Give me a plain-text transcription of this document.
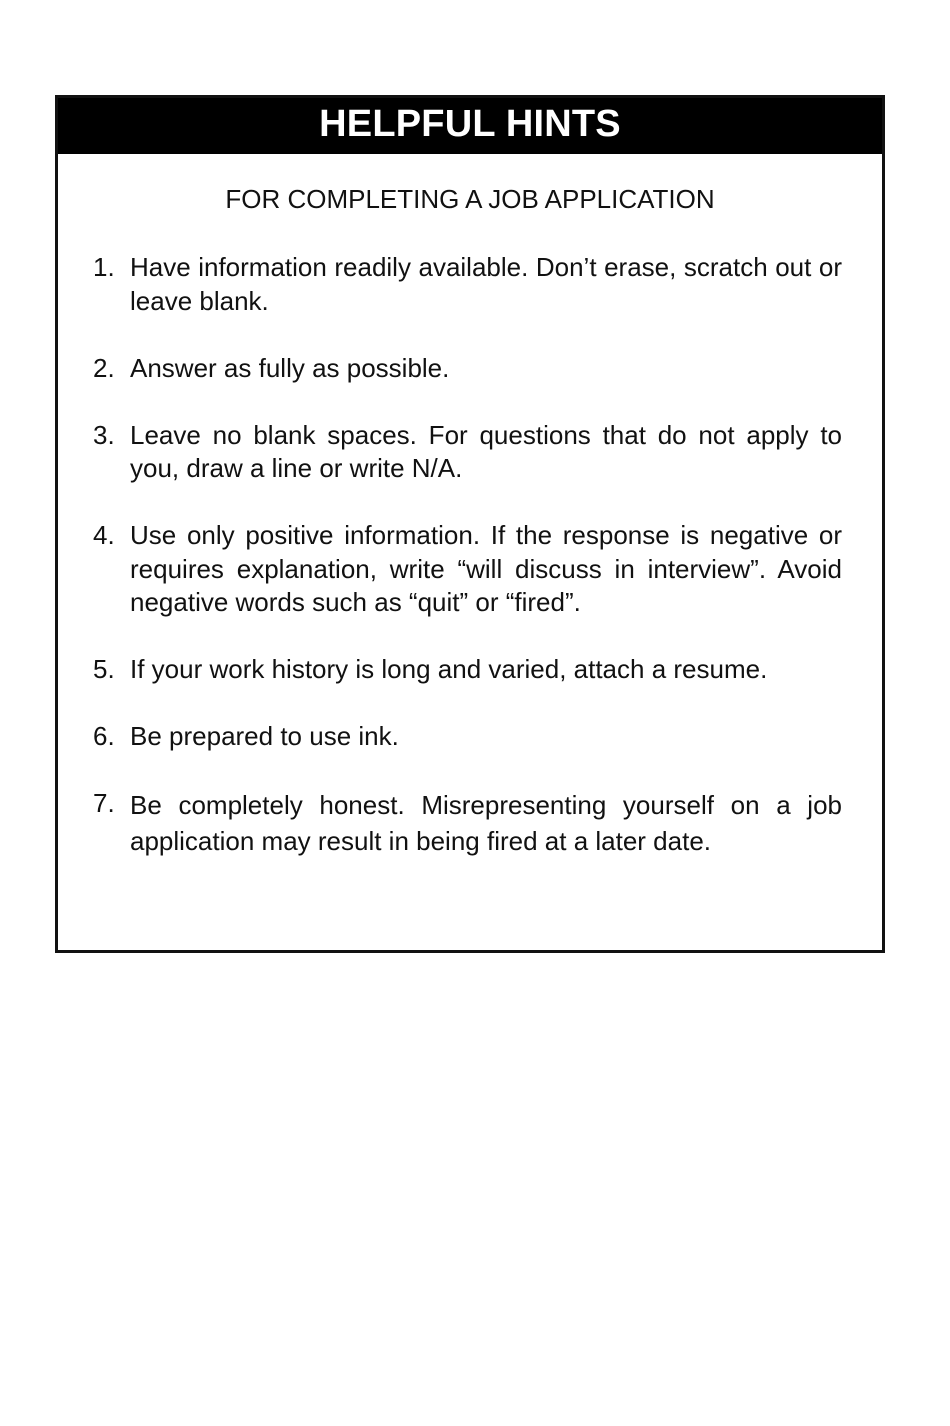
HELPFUL HINTS
FOR COMPLETING A JOB APPLICATION
1. Have information readily available. Don’t erase, scratch out or leave blank.
2. Answer as fully as possible.
3. Leave no blank spaces. For questions that do not apply to you, draw a line or write N/A.
4. Use only positive information. If the response is negative or requires explanation, write “will discuss in interview”. Avoid negative words such as “quit” or “fired”.
5. If your work history is long and varied, attach a resume.
6. Be prepared to use ink.
7. Be completely honest. Misrepresenting yourself on a job application may result in being fired at a later date.
